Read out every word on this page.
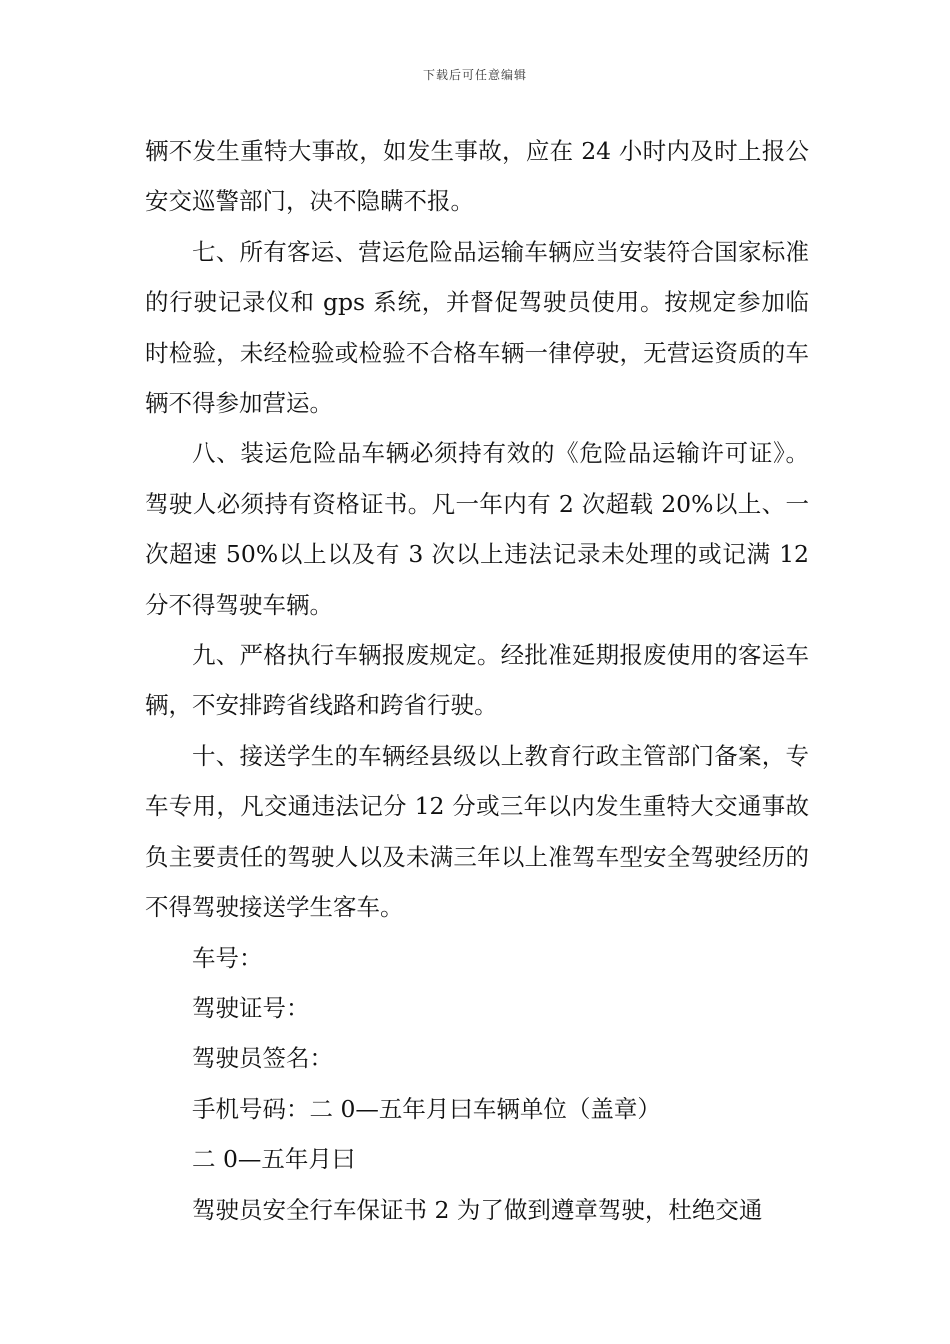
下载后可任意编辑

辆不发生重特大事故，如发生事故，应在 24 小时内及时上报公安交巡警部门，决不隐瞒不报。

七、所有客运、营运危险品运输车辆应当安装符合国家标准的行驶记录仪和 gps 系统，并督促驾驶员使用。按规定参加临时检验，未经检验或检验不合格车辆一律停驶，无营运资质的车辆不得参加营运。

八、装运危险品车辆必须持有效的《危险品运输许可证》。驾驶人必须持有资格证书。凡一年内有 2 次超载 20%以上、一次超速 50%以上以及有 3 次以上违法记录未处理的或记满 12 分不得驾驶车辆。

九、严格执行车辆报废规定。经批准延期报废使用的客运车辆，不安排跨省线路和跨省行驶。

十、接送学生的车辆经县级以上教育行政主管部门备案，专车专用，凡交通违法记分 12 分或三年以内发生重特大交通事故负主要责任的驾驶人以及未满三年以上准驾车型安全驾驶经历的不得驾驶接送学生客车。

车号：

驾驶证号：

驾驶员签名：

手机号码：二 0—五年月曰车辆单位（盖章）

二 0—五年月曰

驾驶员安全行车保证书 2 为了做到遵章驾驶，杜绝交通
